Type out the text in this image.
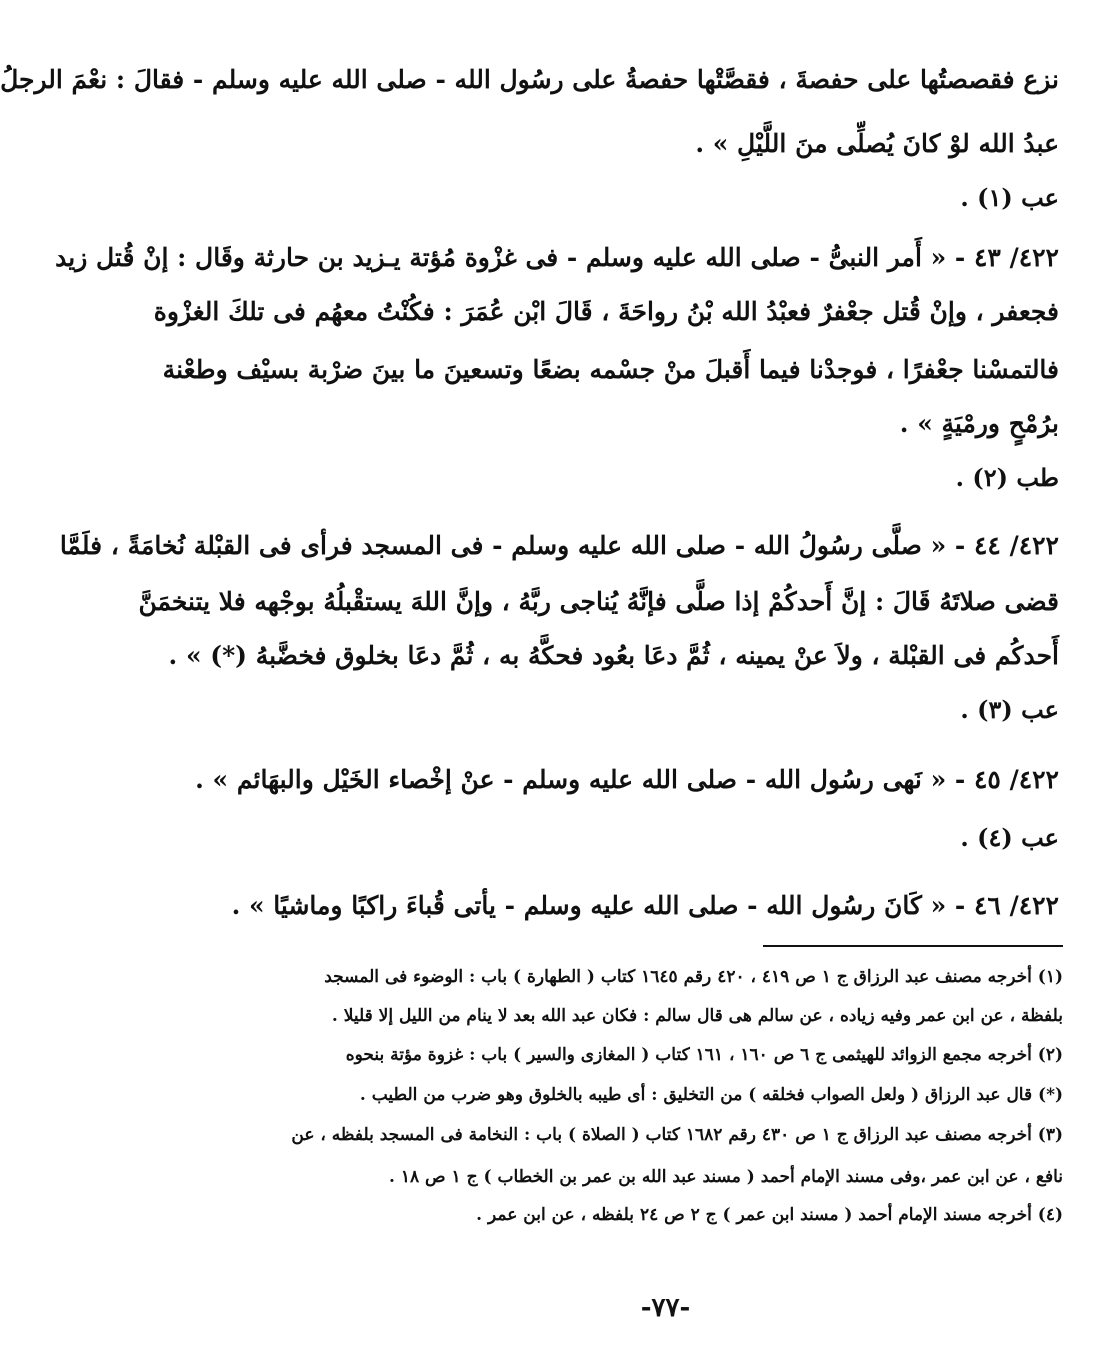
نزع فقصصتُها على حفصةَ ، فقصَّتْها حفصةُ على رسُول الله - صلى الله عليه وسلم - فقالَ : نعْمَ الرجلُ
عبدُ الله لوْ كانَ يُصلِّى منَ اللَّيْلِ » .
عب (١) .
٤٢٢/ ٤٣ - « أَمر النبىُّ - صلى الله عليه وسلم - فى غزْوة مُؤتة يـزيد بن حارثة وقَال : إنْ قُتل زيد
فجعفر ، وإنْ قُتل جعْفرٌ فعبْدُ الله بْنُ رواحَةَ ، قَالَ ابْن عُمَرَ : فكُنْتُ معهُم فى تلكَ الغزْوة
فالتمسْنا جعْفرًا ، فوجدْنا فيما أَقبلَ منْ جسْمه بضعًا وتسعينَ ما بينَ ضرْبة بسيْف وطعْنة
برُمْحٍ ورمْيَةٍ » .
طب (٢) .
٤٢٢/ ٤٤ - « صلَّى رسُولُ الله - صلى الله عليه وسلم - فى المسجد فرأى فى القبْلة نُخامَةً ، فلَمَّا
قضى صلاتَهُ قَالَ : إنَّ أَحدكُمْ إذا صلَّى فإنَّهُ يُناجى ربَّهُ ، وإنَّ اللهَ يستقْبلُهُ بوجْهه فلا يتنخمَنَّ
أَحدكُم فى القبْلة ، ولاَ عنْ يمينه ، ثُمَّ دعَا بعُود فحكَّهُ به ، ثُمَّ دعَا بخلوق فخضَّبهُ (*) » .
عب (٣) .
٤٢٢/ ٤٥ - « نَهى رسُول الله - صلى الله عليه وسلم - عنْ إخْصاء الخَيْل والبهَائم » .
عب (٤) .
٤٢٢/ ٤٦ - « كَانَ رسُول الله - صلى الله عليه وسلم - يأتى قُباءَ راكبًا وماشيًا » .
(١) أخرجه مصنف عبد الرزاق ج ١ ص ٤١٩ ، ٤٢٠ رقم ١٦٤٥ كتاب ( الطهارة ) باب : الوضوء فى المسجد
بلفظة ، عن ابن عمر وفيه زياده ، عن سالم هى قال سالم : فكان عبد الله بعد لا ينام من الليل إلا قليلا .
(٢) أخرجه مجمع الزوائد للهيثمى ج ٦ ص ١٦٠ ، ١٦١ كتاب ( المغازى والسير ) باب : غزوة مؤتة بنحوه
(*) قال عبد الرزاق ( ولعل الصواب فخلقه ) من التخليق : أى طيبه بالخلوق وهو ضرب من الطيب .
(٣) أخرجه مصنف عبد الرزاق ج ١ ص ٤٣٠ رقم ١٦٨٢ كتاب ( الصلاة ) باب : النخامة فى المسجد بلفظه ، عن
نافع ، عن ابن عمر ،وفى مسند الإمام أحمد ( مسند عبد الله بن عمر بن الخطاب ) ج ١ ص ١٨ .
(٤) أخرجه مسند الإمام أحمد ( مسند ابن عمر ) ج ٢ ص ٢٤ بلفظه ، عن ابن عمر .
-٧٧-
